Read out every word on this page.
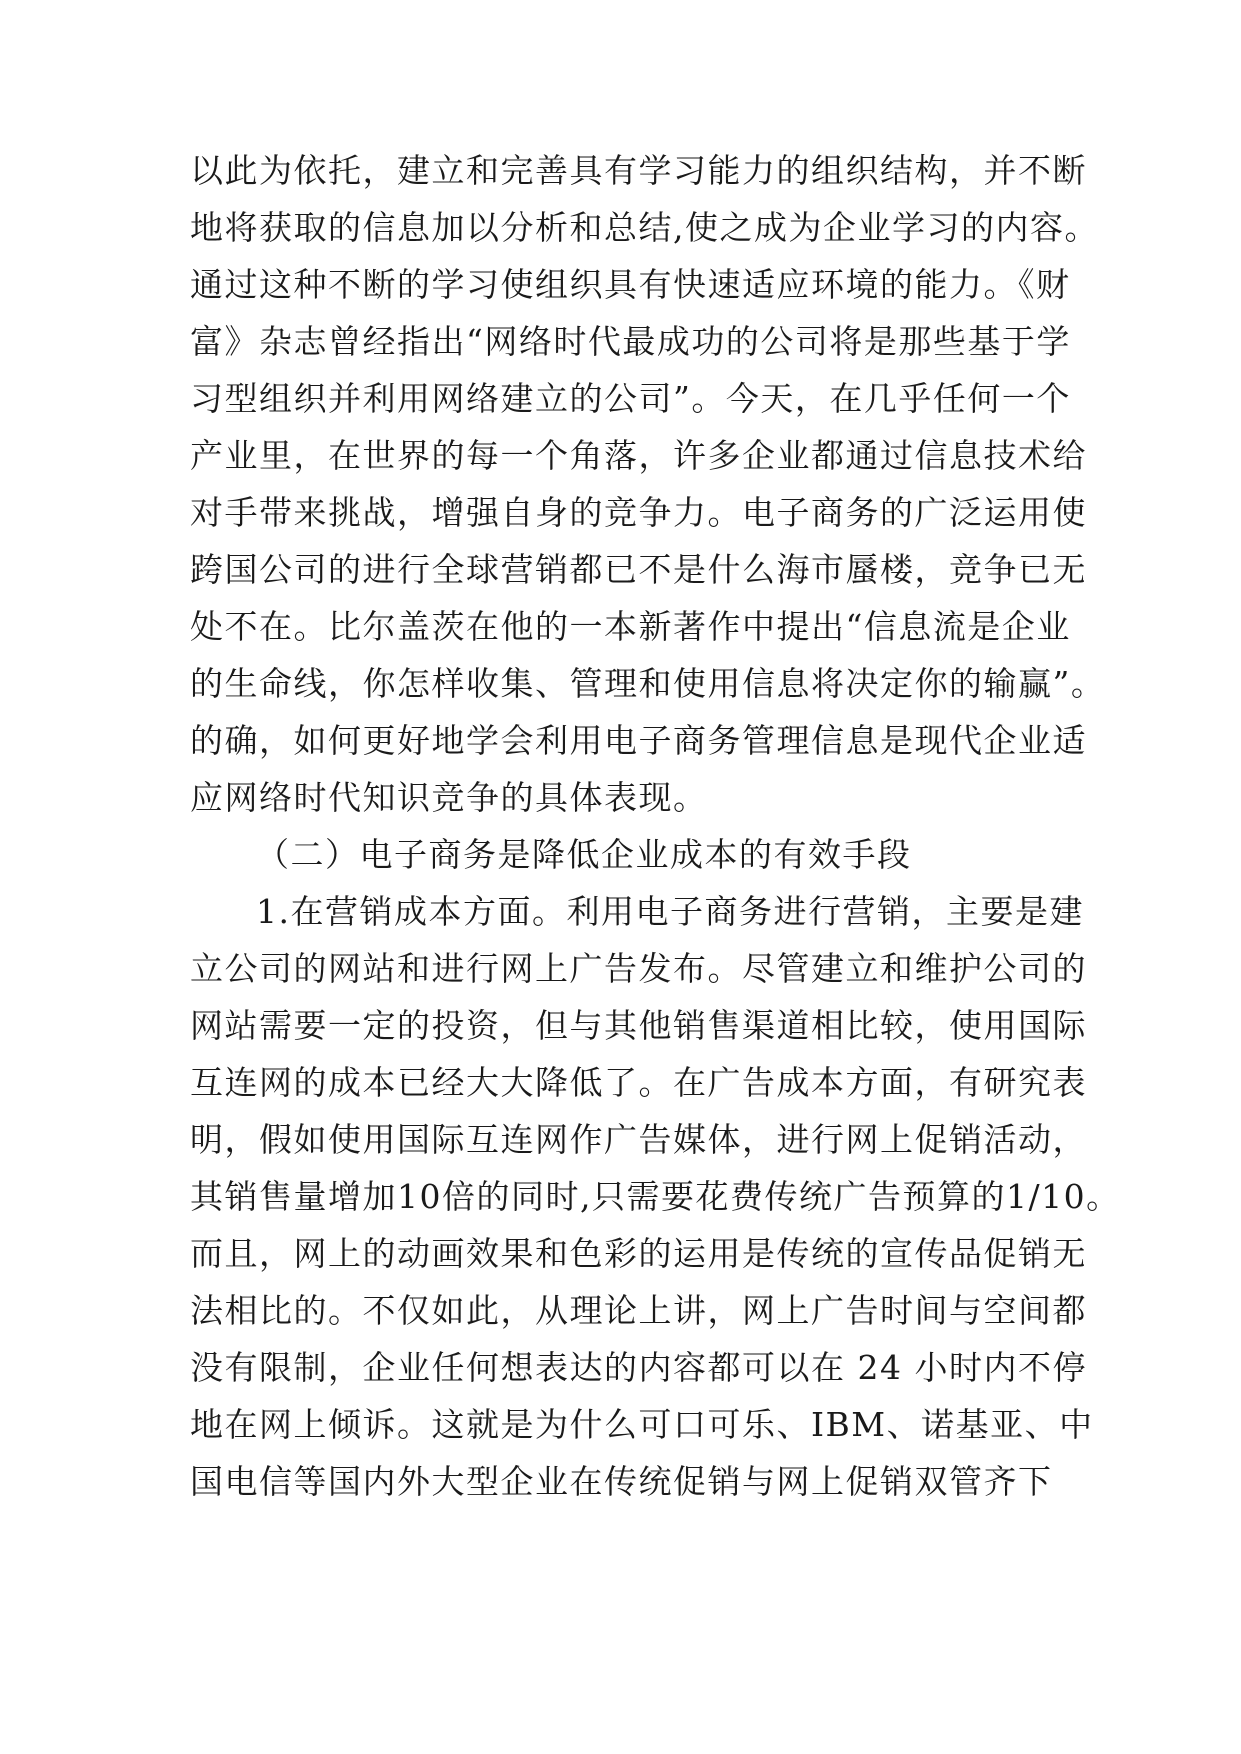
以此为依托，建立和完善具有学习能力的组织结构，并不断
地将获取的信息加以分析和总结,使之成为企业学习的内容。
通过这种不断的学习使组织具有快速适应环境的能力。《财
富》杂志曾经指出“网络时代最成功的公司将是那些基于学
习型组织并利用网络建立的公司”。今天，在几乎任何一个
产业里，在世界的每一个角落，许多企业都通过信息技术给
对手带来挑战，增强自身的竞争力。电子商务的广泛运用使
跨国公司的进行全球营销都已不是什么海市蜃楼，竞争已无
处不在。比尔盖茨在他的一本新著作中提出“信息流是企业
的生命线，你怎样收集、管理和使用信息将决定你的输赢”。
的确，如何更好地学会利用电子商务管理信息是现代企业适
应网络时代知识竞争的具体表现。
（二）电子商务是降低企业成本的有效手段
1.在营销成本方面。利用电子商务进行营销，主要是建
立公司的网站和进行网上广告发布。尽管建立和维护公司的
网站需要一定的投资，但与其他销售渠道相比较，使用国际
互连网的成本已经大大降低了。在广告成本方面，有研究表
明，假如使用国际互连网作广告媒体，进行网上促销活动，
其销售量增加10倍的同时,只需要花费传统广告预算的1/10。
而且，网上的动画效果和色彩的运用是传统的宣传品促销无
法相比的。不仅如此，从理论上讲，网上广告时间与空间都
没有限制，企业任何想表达的内容都可以在 24 小时内不停
地在网上倾诉。这就是为什么可口可乐、IBM、诺基亚、中
国电信等国内外大型企业在传统促销与网上促销双管齐下
